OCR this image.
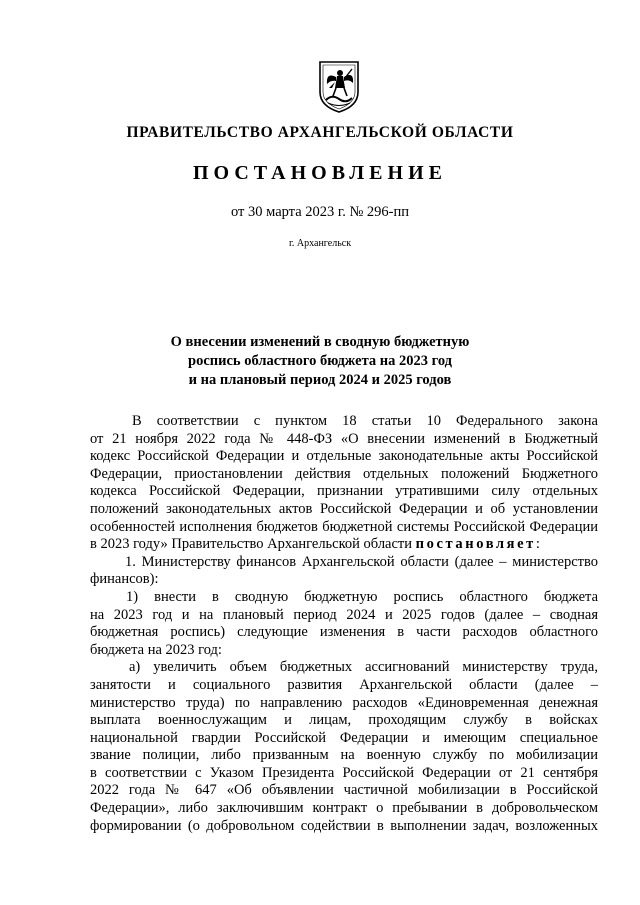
ПРАВИТЕЛЬСТВО АРХАНГЕЛЬСКОЙ ОБЛАСТИ
ПОСТАНОВЛЕНИЕ
от 30 марта 2023 г. № 296-пп
г. Архангельск
О внесении изменений в сводную бюджетную
роспись областного бюджета на 2023 год
и на плановый период 2024 и 2025 годов
В соответствии с пунктом 18 статьи 10 Федерального закона
от 21 ноября 2022 года № 448-ФЗ «О внесении изменений в Бюджетный
кодекс Российской Федерации и отдельные законодательные акты Российской
Федерации, приостановлении действия отдельных положений Бюджетного
кодекса Российской Федерации, признании утратившими силу отдельных
положений законодательных актов Российской Федерации и об установлении
особенностей исполнения бюджетов бюджетной системы Российской Федерации
в 2023 году» Правительство Архангельской области постановляет:
1. Министерству финансов Архангельской области (далее – министерство
финансов):
1) внести в сводную бюджетную роспись областного бюджета
на 2023 год и на плановый период 2024 и 2025 годов (далее – сводная
бюджетная роспись) следующие изменения в части расходов областного
бюджета на 2023 год:
а) увеличить объем бюджетных ассигнований министерству труда,
занятости и социального развития Архангельской области (далее –
министерство труда) по направлению расходов «Единовременная денежная
выплата военнослужащим и лицам, проходящим службу в войсках
национальной гвардии Российской Федерации и имеющим специальное
звание полиции, либо призванным на военную службу по мобилизации
в соответствии с Указом Президента Российской Федерации от 21 сентября
2022 года № 647 «Об объявлении частичной мобилизации в Российской
Федерации», либо заключившим контракт о пребывании в добровольческом
формировании (о добровольном содействии в выполнении задач, возложенных
